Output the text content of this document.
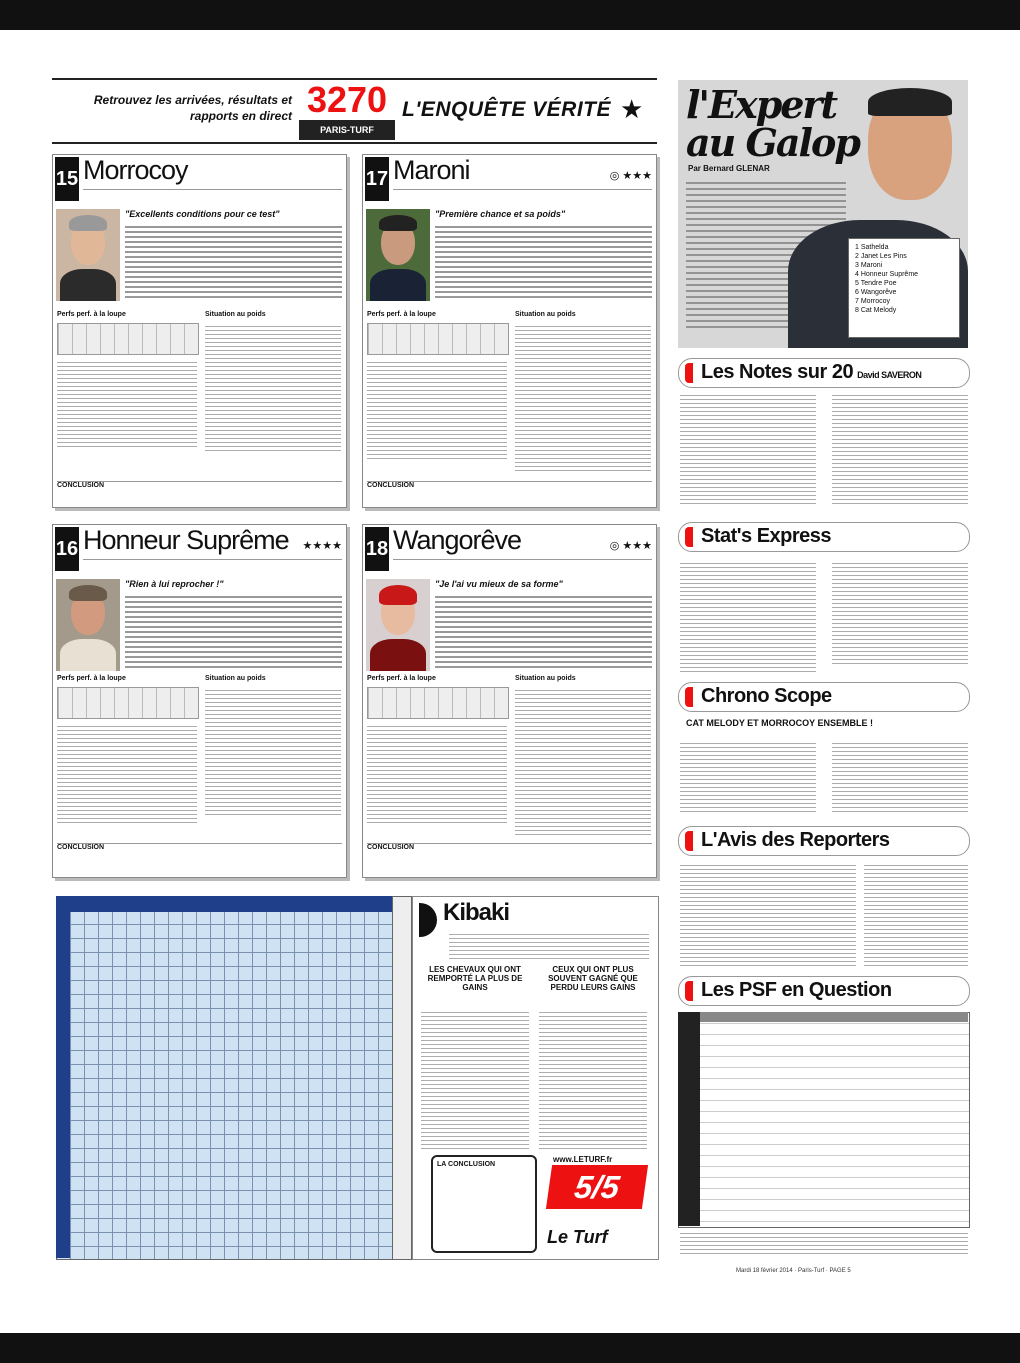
Retrouvez les arrivées, résultats et rapports en direct 3270
PARIS-TURF
L'ENQUÊTE VÉRITÉ ★
15 Morrocoy
"Excellents conditions pour ce test"
Perfs perf. à la loupe	Situation au poids
CONCLUSION
17 Maroni	◎ ★★★
"Première chance et sa poids"
Perfs perf. à la loupe	Situation au poids
CONCLUSION
16 Honneur Suprême ★★★★
"Rien à lui reprocher !"
Perfs perf. à la loupe	Situation au poids
CONCLUSION
18 Wangorêve	◎ ★★★
"Je l'ai vu mieux de sa forme"
Perfs perf. à la loupe	Situation au poids
CONCLUSION
l'Expert
au Galop
Par Bernard GLENAR
1 Sathelda
2 Janet Les Pins
3 Maroni
4 Honneur Suprême
5 Tendre Poe
6 Wangorêve
7 Morrocoy
8 Cat Melody
Les Notes sur 20 David SAVERON
Stat's Express
Chrono Scope
CAT MELODY ET MORROCOY ENSEMBLE !
L'Avis des Reporters
Les PSF en Question
Kibaki
LES CHEVAUX QUI ONT REMPORTÉ LA PLUS DE GAINS
CEUX QUI ONT PLUS SOUVENT GAGNÉ QUE PERDU LEURS GAINS
LA CONCLUSION
www.LETURF.fr
5/5
Le Turf
Mardi 18 février 2014 · Paris-Turf · PAGE 5
